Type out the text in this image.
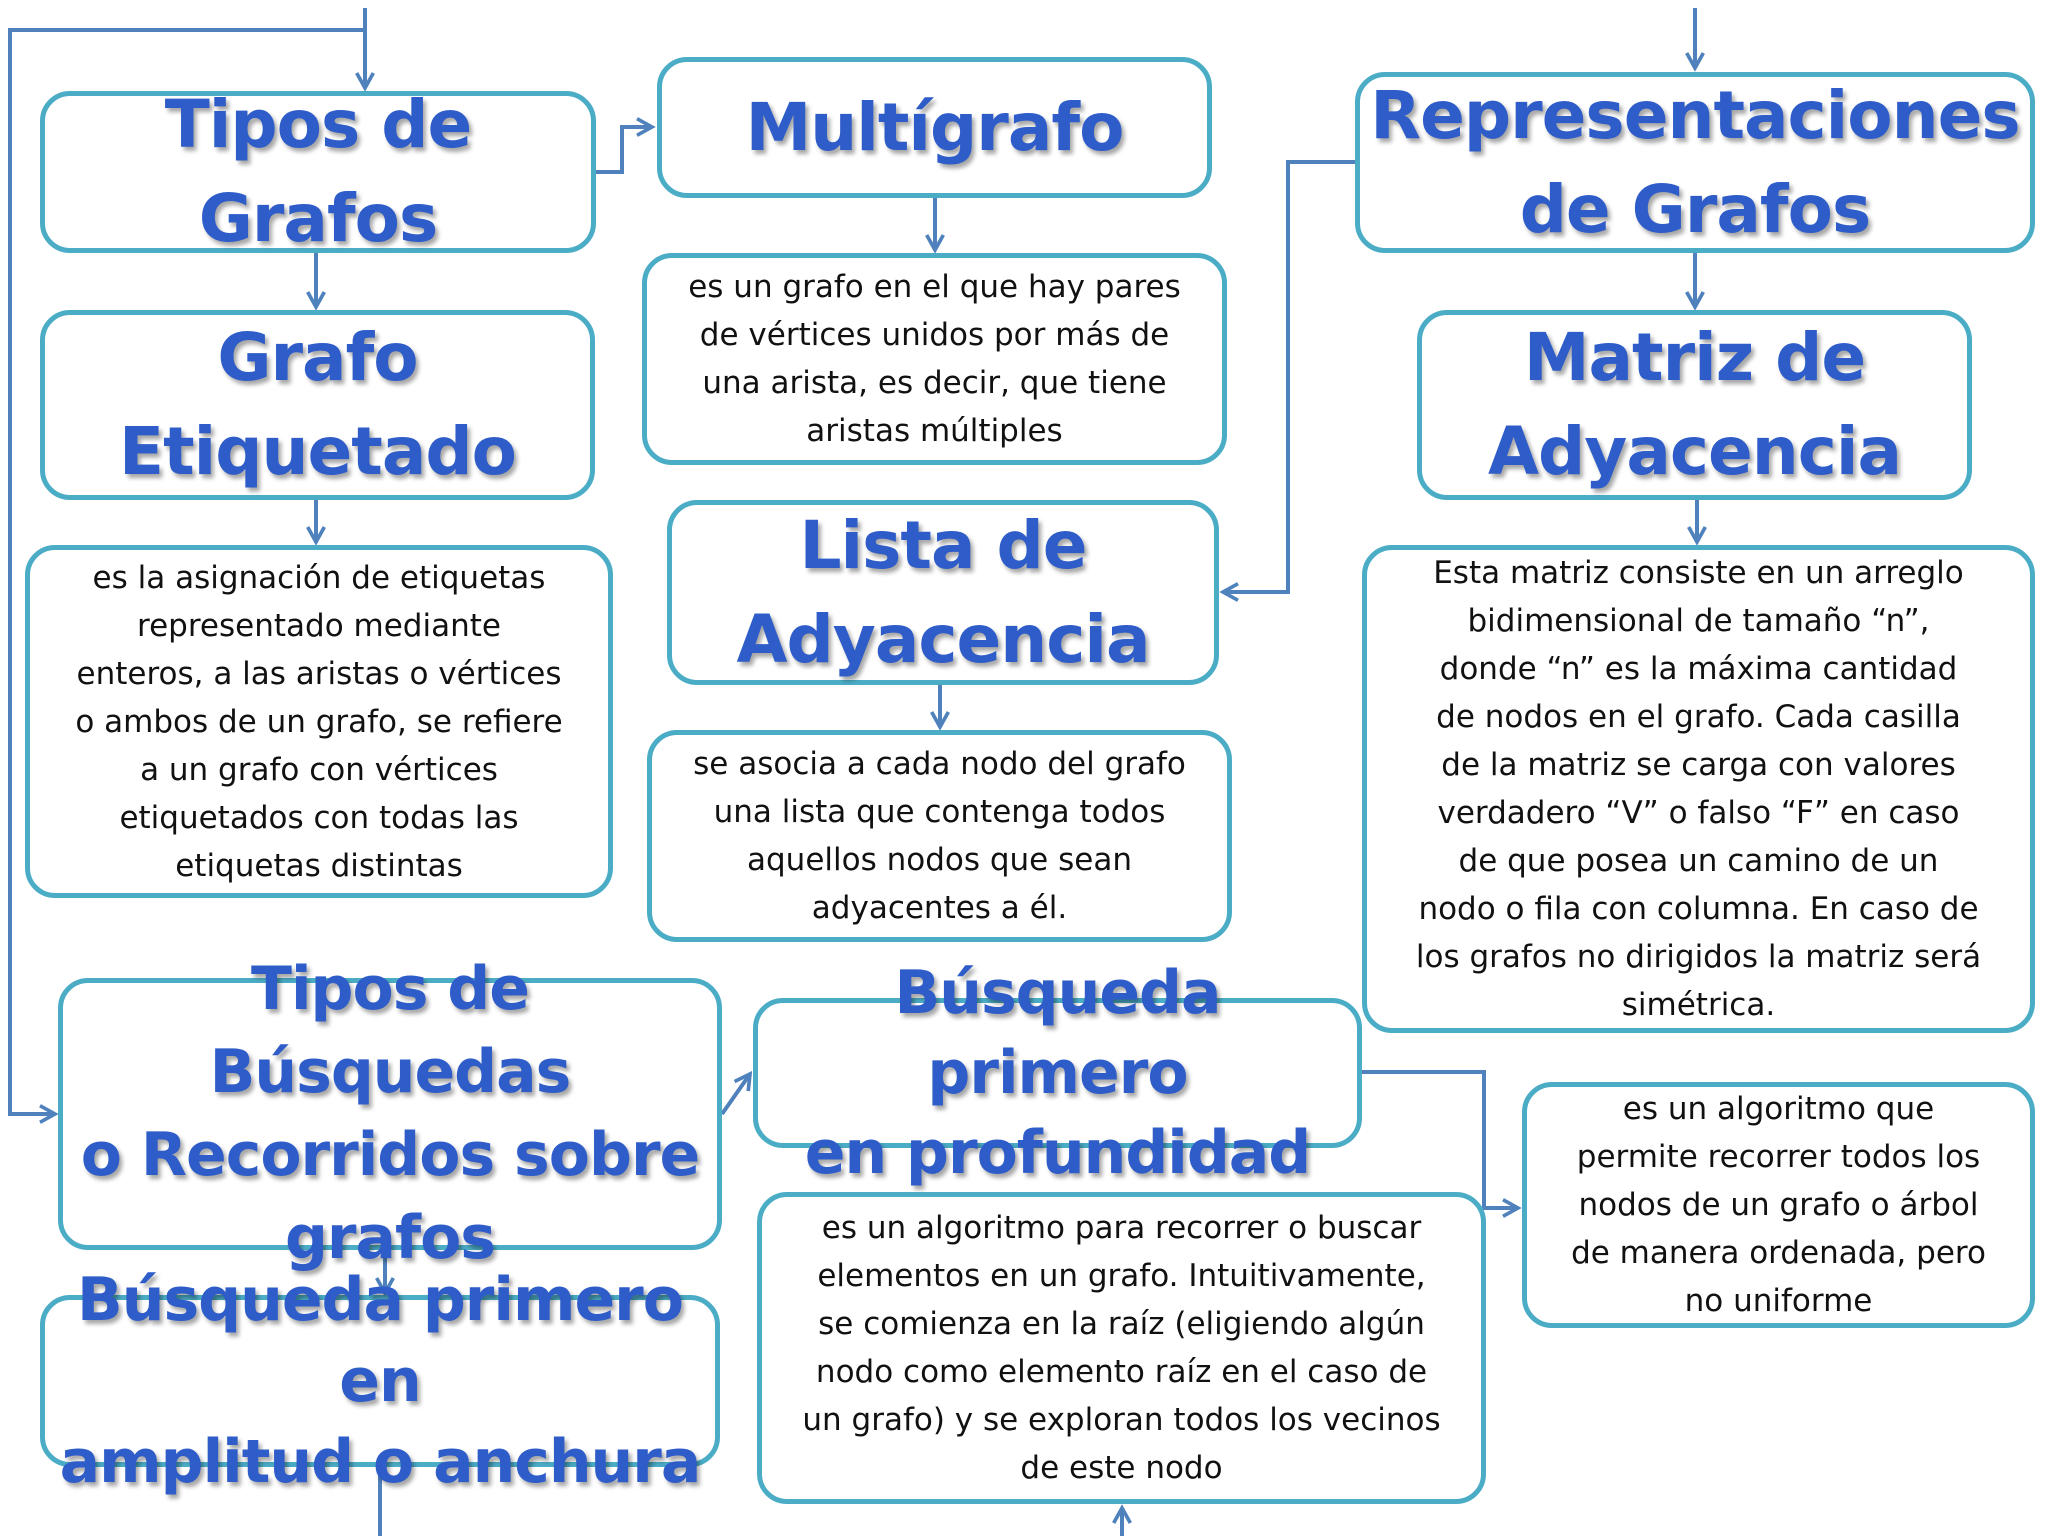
Tipos de
Grafos
Multígrafo	Representaciones
de Grafos
es un grafo en el que hay pares
de vértices unidos por más de
una arista, es decir, que tiene
aristas múltiples
Grafo
Etiquetado
Matriz de
Adyacencia
Lista de
Adyacencia
es la asignación de etiquetas
representado mediante
enteros, a las aristas o vértices
o ambos de un grafo, se refiere
a un grafo con vértices
etiquetados con todas las
etiquetas distintas
Esta matriz consiste en un arreglo
bidimensional de tamaño “n”,
donde “n” es la máxima cantidad
de nodos en el grafo. Cada casilla
de la matriz se carga con valores
verdadero “V” o falso “F” en caso
de que posea un camino de un
nodo o fila con columna. En caso de
los grafos no dirigidos la matriz será
simétrica.
se asocia a cada nodo del grafo
una lista que contenga todos
aquellos nodos que sean
adyacentes a él.
Tipos de Búsquedas
o Recorridos sobre
grafos
Búsqueda primero
en profundidad
es un algoritmo que
permite recorrer todos los
nodos de un grafo o árbol
de manera ordenada, pero
no uniforme
Búsqueda primero en
amplitud o anchura
es un algoritmo para recorrer o buscar
elementos en un grafo. Intuitivamente,
se comienza en la raíz (eligiendo algún
nodo como elemento raíz en el caso de
un grafo) y se exploran todos los vecinos
de este nodo
